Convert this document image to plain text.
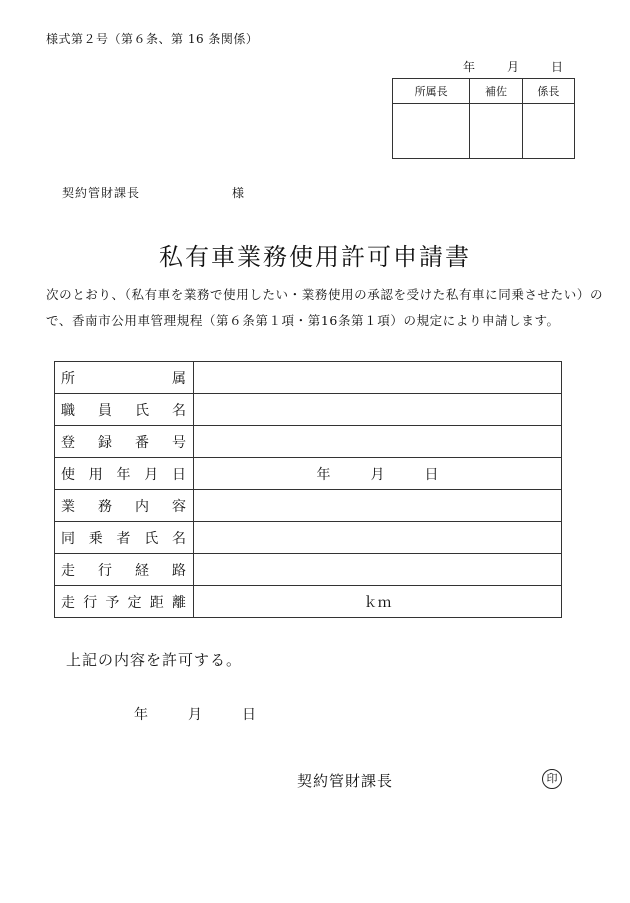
様式第２号（第６条、第 16 条関係）
年	月	日
所属長	補佐	係長

契約管財課長	様
私有車業務使用許可申請書
次のとおり、（私有車を業務で使用したい・業務使用の承認を受けた私有車に同乗させたい）ので、香南市公用車管理規程（第６条第１項・第16条第１項）の規定により申請します。
所属	
職員氏名	
登録番号	
使用年月日	年 月 日
業務内容	
同乗者氏名	
走行経路	
走行予定距離	ｋｍ
上記の内容を許可する。
年	月	日
契約管財課長	印
